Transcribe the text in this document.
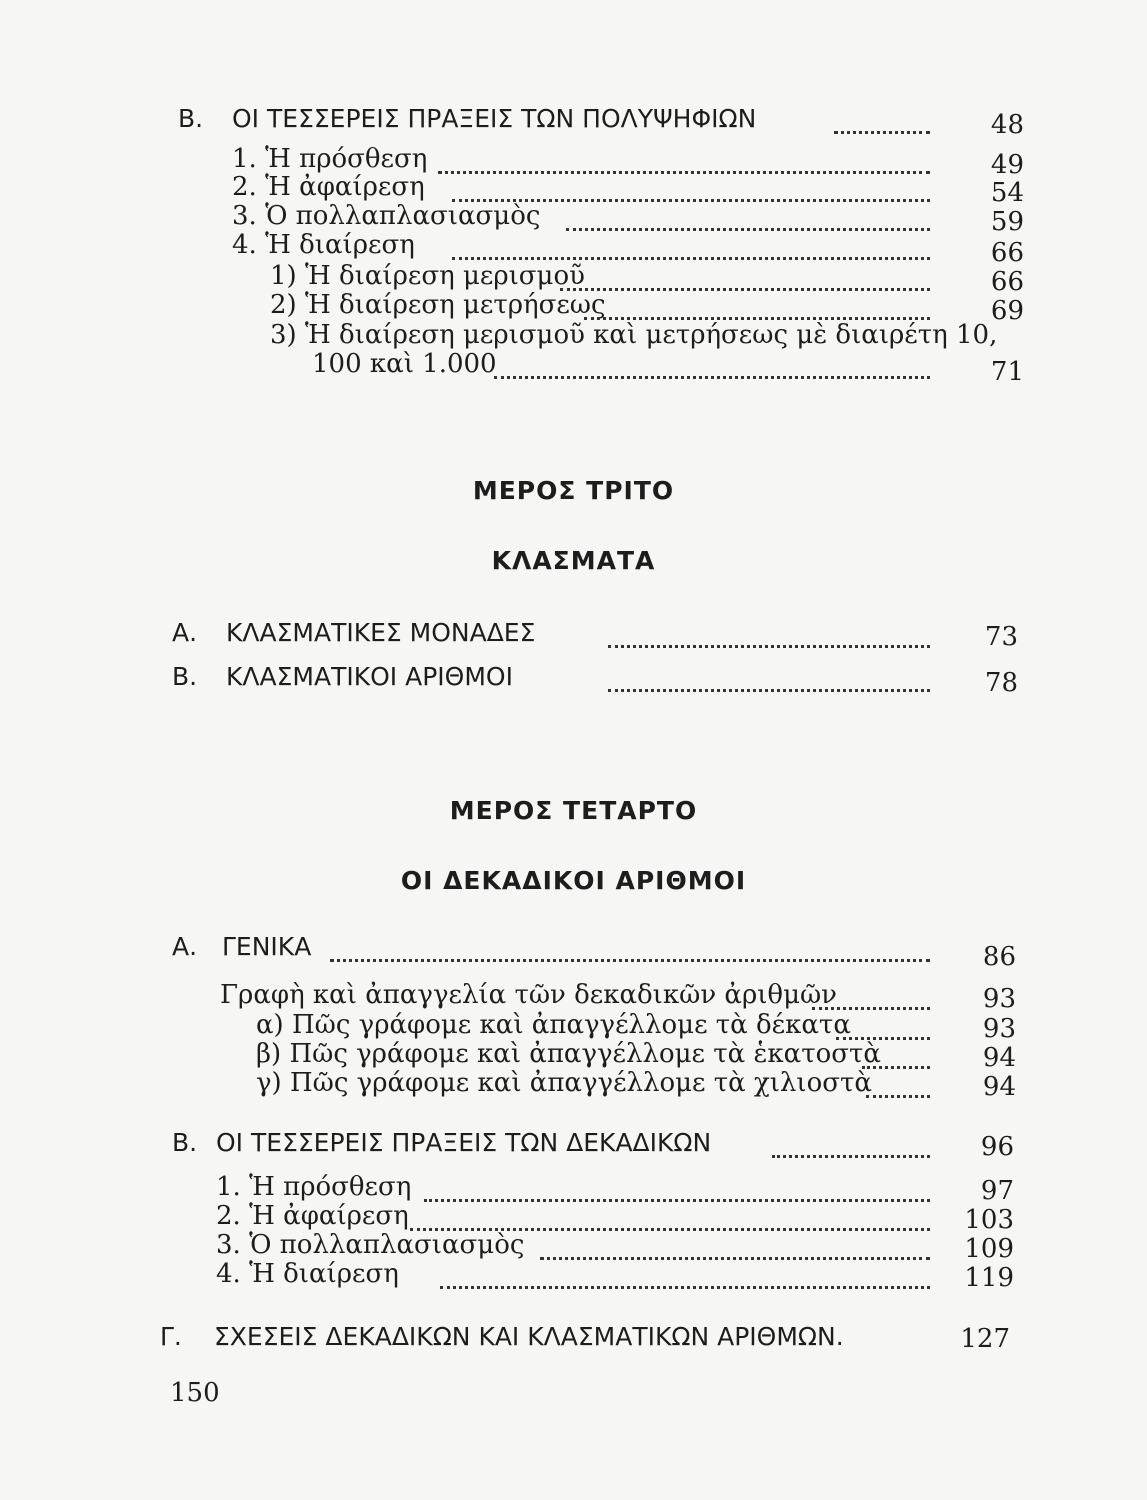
Β. ΟΙ ΤΕΣΣΕΡΕΙΣ ΠΡΑΞΕΙΣ ΤΩΝ ΠΟΛΥΨΗΦΙΩΝ	48
1. Ἡ πρόσθεση	49
2. Ἡ ἀφαίρεση	54
3. Ὁ πολλαπλασιασμὸς	59
4. Ἡ διαίρεση	66
1) Ἡ διαίρεση μερισμοῦ	66
2) Ἡ διαίρεση μετρήσεως	69
3) Ἡ διαίρεση μερισμοῦ καὶ μετρήσεως μὲ διαιρέτη 10,
100 καὶ 1.000	71
ΜΕΡΟΣ ΤΡΙΤΟ
ΚΛΑΣΜΑΤΑ
Α. ΚΛΑΣΜΑΤΙΚΕΣ ΜΟΝΑΔΕΣ	73
Β. ΚΛΑΣΜΑΤΙΚΟΙ ΑΡΙΘΜΟΙ	78
ΜΕΡΟΣ ΤΕΤΑΡΤΟ
ΟΙ ΔΕΚΑΔΙΚΟΙ ΑΡΙΘΜΟΙ
Α. ΓΕΝΙΚΑ	86
Γραφὴ καὶ ἀπαγγελία τῶν δεκαδικῶν ἀριθμῶν	93
α) Πῶς γράφομε καὶ ἀπαγγέλλομε τὰ δέκατα	93
β) Πῶς γράφομε καὶ ἀπαγγέλλομε τὰ ἑκατοστὰ	94
γ) Πῶς γράφομε καὶ ἀπαγγέλλομε τὰ χιλιοστὰ	94
Β. ΟΙ ΤΕΣΣΕΡΕΙΣ ΠΡΑΞΕΙΣ ΤΩΝ ΔΕΚΑΔΙΚΩΝ	96
1. Ἡ πρόσθεση	97
2. Ἡ ἀφαίρεση	103
3. Ὁ πολλαπλασιασμὸς	109
4. Ἡ διαίρεση	119
Γ. ΣΧΕΣΕΙΣ ΔΕΚΑΔΙΚΩΝ ΚΑΙ ΚΛΑΣΜΑΤΙΚΩΝ ΑΡΙΘΜΩΝ.	127
150
